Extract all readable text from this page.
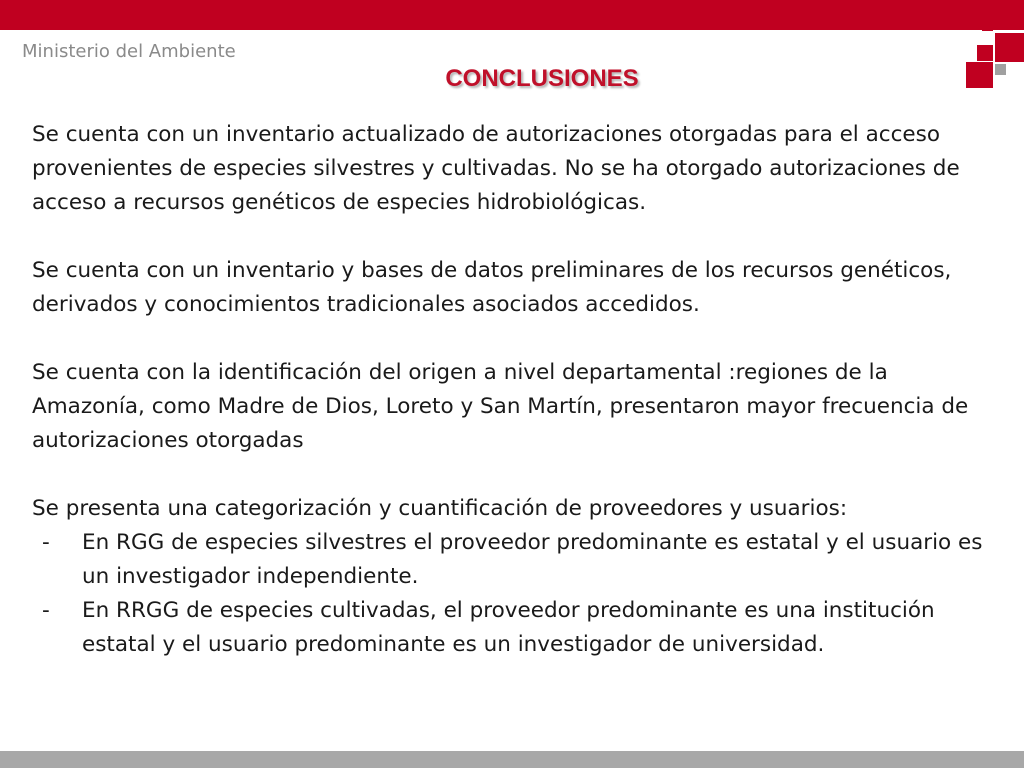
Ministerio del Ambiente
CONCLUSIONES

Se cuenta con un inventario actualizado de autorizaciones otorgadas para el acceso provenientes de especies silvestres y cultivadas. No se ha otorgado autorizaciones de acceso a recursos genéticos de especies hidrobiológicas.

Se cuenta con un inventario y bases de datos preliminares de los recursos genéticos, derivados y conocimientos tradicionales asociados accedidos.

Se cuenta con la identificación del origen a nivel departamental :regiones de la Amazonía, como Madre de Dios, Loreto y San Martín, presentaron mayor frecuencia de autorizaciones otorgadas

Se presenta una categorización y cuantificación de proveedores y usuarios:

- En RGG de especies silvestres el proveedor predominante es estatal y el usuario es un investigador independiente.
- En RRGG de especies cultivadas, el proveedor predominante es una institución estatal y el usuario predominante es un investigador de universidad.
